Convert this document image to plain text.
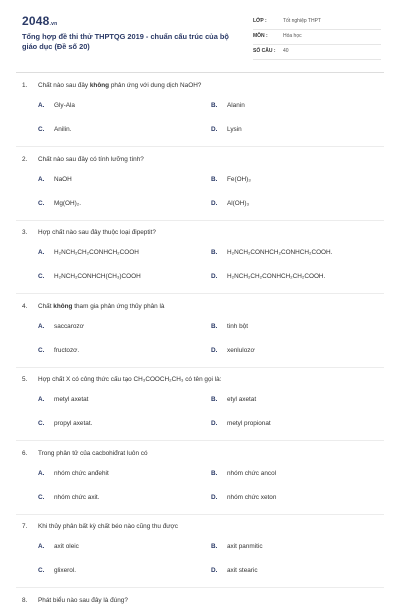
2048.vn
Tổng hợp đề thi thử THPTQG 2019 - chuẩn cấu trúc của bộ giáo dục (Đề số 20)
LỚP :	Tốt nghiệp THPT
MÔN :	Hóa học
SỐ CÂU : 40
1. Chất nào sau đây không phản ứng với dung dịch NaOH?
A. Gly-Ala	B. Alanin
C. Anilin.	D. Lysin
2. Chất nào sau đây có tính lưỡng tính?
A. NaOH	B. Fe(OH)₃
C. Mg(OH)₂.	D. Al(OH)₃
3. Hợp chất nào sau đây thuộc loại đipeptit?
A. H₂NCH₂CH₂CONHCH₂COOH	B. H₂NCH₂CONHCH₂CONHCH₂COOH.
C. H₂NCH₂CONHCH(CH₃)COOH	D. H₂NCH₂CH₂CONHCH₂CH₂COOH.
4. Chất không tham gia phản ứng thủy phân là
A. saccarozơ	B. tinh bột
C. fructozơ.	D. xenlulozơ
5. Hợp chất X có công thức cấu tạo CH₃COOCH₂CH₃ có tên gọi là:
A. metyl axetat	B. etyl axetat
C. propyl axetat.	D. metyl propionat
6. Trong phân tử của cacbohiđrat luôn có
A. nhóm chức anđehit	B. nhóm chức ancol
C. nhóm chức axit.	D. nhóm chức xeton
7. Khi thủy phân bất kỳ chất béo nào cũng thu được
A. axit oleic	B. axit panmitic
C. glixerol.	D. axit stearic
8. Phát biểu nào sau đây là đúng?
